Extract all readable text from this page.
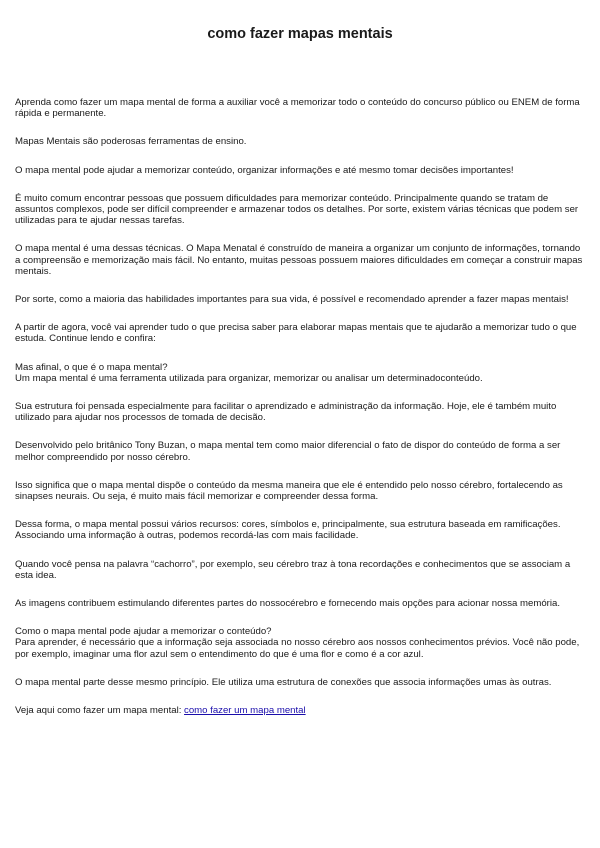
como fazer mapas mentais

Aprenda como fazer um mapa mental de forma a auxiliar você a memorizar todo o conteúdo do concurso público ou ENEM de forma rápida e permanente.

Mapas Mentais são poderosas ferramentas de ensino.

O mapa mental pode ajudar a memorizar conteúdo, organizar informações e até mesmo tomar decisões importantes!

É muito comum encontrar pessoas que possuem dificuldades para memorizar conteúdo. Principalmente quando se tratam de assuntos complexos, pode ser difícil compreender e armazenar todos os detalhes. Por sorte, existem várias técnicas que podem ser utilizadas para te ajudar nessas tarefas.

O mapa mental é uma dessas técnicas. O Mapa Menatal é construído de maneira a organizar um conjunto de informações, tornando a compreensão e memorização mais fácil. No entanto, muitas pessoas possuem maiores dificuldades em começar a construir mapas mentais.

Por sorte, como a maioria das habilidades importantes para sua vida, é possível e recomendado aprender a fazer mapas mentais!

A partir de agora, você vai aprender tudo o que precisa saber para elaborar mapas mentais que te ajudarão a memorizar tudo o que estuda. Continue lendo e confira:

Mas afinal, o que é o mapa mental?
Um mapa mental é uma ferramenta utilizada para organizar, memorizar ou analisar um determinadoconteúdo.

Sua estrutura foi pensada especialmente para facilitar o aprendizado e administração da informação. Hoje, ele é também muito utilizado para ajudar nos processos de tomada de decisão.

Desenvolvido pelo britânico Tony Buzan, o mapa mental tem como maior diferencial o fato de dispor do conteúdo de forma a ser melhor compreendido por nosso cérebro.

Isso significa que o mapa mental dispõe o conteúdo da mesma maneira que ele é entendido pelo nosso cérebro, fortalecendo as sinapses neurais. Ou seja, é muito mais fácil memorizar e compreender dessa forma.

Dessa forma, o mapa mental possui vários recursos: cores, símbolos e, principalmente, sua estrutura baseada em ramificações. Associando uma informação à outras, podemos recordá-las com mais facilidade.

Quando você pensa na palavra “cachorro”, por exemplo, seu cérebro traz à tona recordações e conhecimentos que se associam a esta idea.

As imagens contribuem estimulando diferentes partes do nossocérebro e fornecendo mais opções para acionar nossa memória.

Como o mapa mental pode ajudar a memorizar o conteúdo?
Para aprender, é necessário que a informação seja associada no nosso cérebro aos nossos conhecimentos prévios. Você não pode, por exemplo, imaginar uma flor azul sem o entendimento do que é uma flor e como é a cor azul.

O mapa mental parte desse mesmo princípio. Ele utiliza uma estrutura de conexões que associa informações umas às outras.

Veja aqui como fazer um mapa mental: como fazer um mapa mental
